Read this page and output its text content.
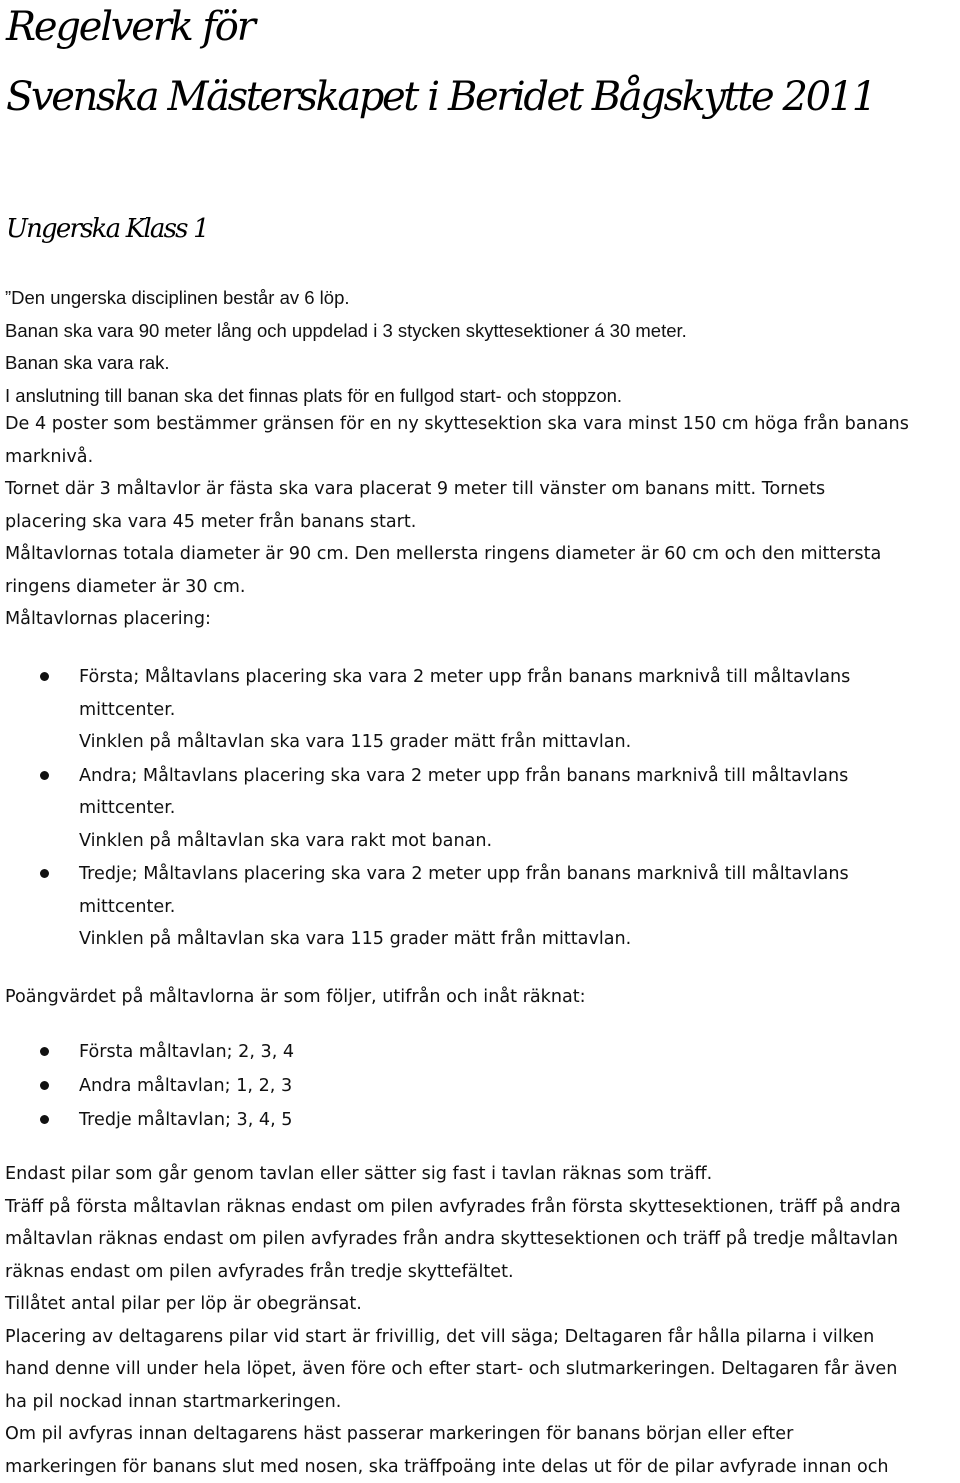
Regelverk för
Svenska Mästerskapet i Beridet Bågskytte 2011
Ungerska Klass 1
”Den ungerska disciplinen består av 6 löp.
Banan ska vara 90 meter lång och uppdelad i 3 stycken skyttesektioner á 30 meter.
Banan ska vara rak.
I anslutning till banan ska det finnas plats för en fullgod start- och stoppzon.
De 4 poster som bestämmer gränsen för en ny skyttesektion ska vara minst 150 cm höga från banans
marknivå.
Tornet där 3 måltavlor är fästa ska vara placerat 9 meter till vänster om banans mitt. Tornets
placering ska vara 45 meter från banans start.
Måltavlornas totala diameter är 90 cm. Den mellersta ringens diameter är 60 cm och den mittersta
ringens diameter är 30 cm.
Måltavlornas placering:
Första; Måltavlans placering ska vara 2 meter upp från banans marknivå till måltavlans
mittcenter.
Vinklen på måltavlan ska vara 115 grader mätt från mittavlan.
Andra; Måltavlans placering ska vara 2 meter upp från banans marknivå till måltavlans
mittcenter.
Vinklen på måltavlan ska vara rakt mot banan.
Tredje; Måltavlans placering ska vara 2 meter upp från banans marknivå till måltavlans
mittcenter.
Vinklen på måltavlan ska vara 115 grader mätt från mittavlan.

Poängvärdet på måltavlorna är som följer, utifrån och inåt räknat:

Första måltavlan; 2, 3, 4
Andra måltavlan; 1, 2, 3
Tredje måltavlan; 3, 4, 5
Endast pilar som går genom tavlan eller sätter sig fast i tavlan räknas som träff.
Träff på första måltavlan räknas endast om pilen avfyrades från första skyttesektionen, träff på andra
måltavlan räknas endast om pilen avfyrades från andra skyttesektionen och träff på tredje måltavlan
räknas endast om pilen avfyrades från tredje skyttefältet.
Tillåtet antal pilar per löp är obegränsat.
Placering av deltagarens pilar vid start är frivillig, det vill säga; Deltagaren får hålla pilarna i vilken
hand denne vill under hela löpet, även före och efter start- och slutmarkeringen. Deltagaren får även
ha pil nockad innan startmarkeringen.
Om pil avfyras innan deltagarens häst passerar markeringen för banans början eller efter
markeringen för banans slut med nosen, ska träffpoäng inte delas ut för de pilar avfyrade innan och
